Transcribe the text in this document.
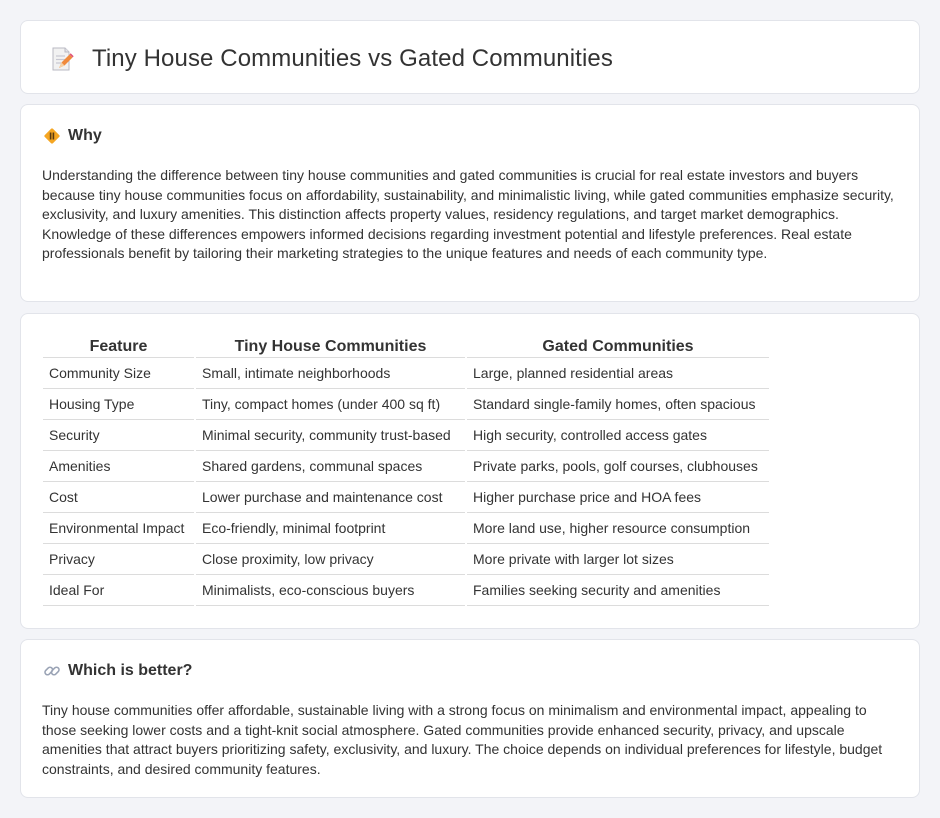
Tiny House Communities vs Gated Communities
Why

Understanding the difference between tiny house communities and gated communities is crucial for real estate investors and buyers because tiny house communities focus on affordability, sustainability, and minimalistic living, while gated communities emphasize security, exclusivity, and luxury amenities. This distinction affects property values, residency regulations, and target market demographics. Knowledge of these differences empowers informed decisions regarding investment potential and lifestyle preferences. Real estate professionals benefit by tailoring their marketing strategies to the unique features and needs of each community type.

Feature	Tiny House Communities	Gated Communities
Community Size	Small, intimate neighborhoods	Large, planned residential areas
Housing Type	Tiny, compact homes (under 400 sq ft)	Standard single-family homes, often spacious
Security	Minimal security, community trust-based	High security, controlled access gates
Amenities	Shared gardens, communal spaces	Private parks, pools, golf courses, clubhouses
Cost	Lower purchase and maintenance cost	Higher purchase price and HOA fees
Environmental Impact	Eco-friendly, minimal footprint	More land use, higher resource consumption
Privacy	Close proximity, low privacy	More private with larger lot sizes
Ideal For	Minimalists, eco-conscious buyers	Families seeking security and amenities
Which is better?

Tiny house communities offer affordable, sustainable living with a strong focus on minimalism and environmental impact, appealing to those seeking lower costs and a tight-knit social atmosphere. Gated communities provide enhanced security, privacy, and upscale amenities that attract buyers prioritizing safety, exclusivity, and luxury. The choice depends on individual preferences for lifestyle, budget constraints, and desired community features.
